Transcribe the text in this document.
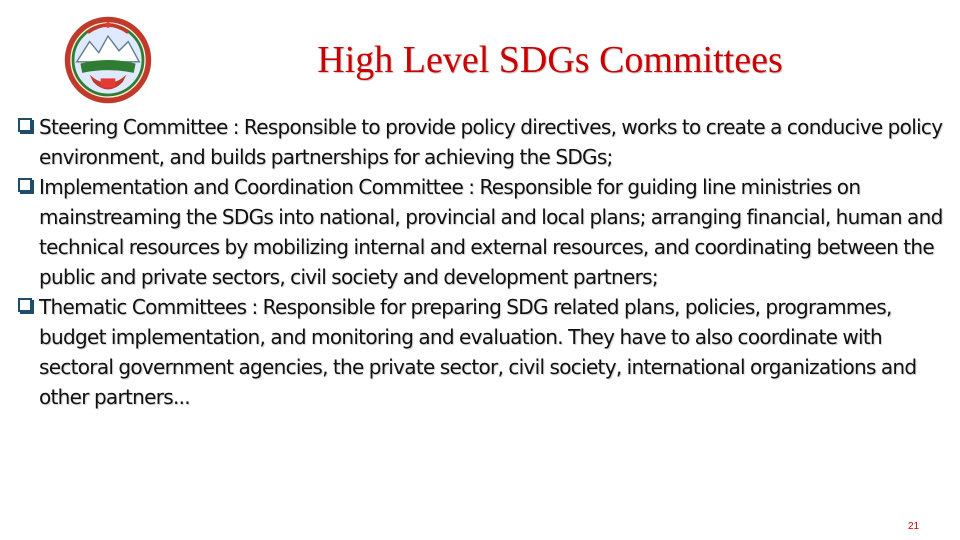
High Level SDGs Committees
Steering Committee : Responsible to provide policy directives, works to create a conducive policy environment, and builds partnerships for achieving the SDGs;
Implementation and Coordination Committee : Responsible for guiding line ministries on mainstreaming the SDGs into national, provincial and local plans; arranging financial, human and technical resources by mobilizing internal and external resources, and coordinating between the public and private sectors, civil society and development partners;
Thematic Committees : Responsible for preparing SDG related plans, policies, programmes, budget implementation, and monitoring and evaluation. They have to also coordinate with sectoral government agencies, the private sector, civil society, international organizations and other partners...
21
